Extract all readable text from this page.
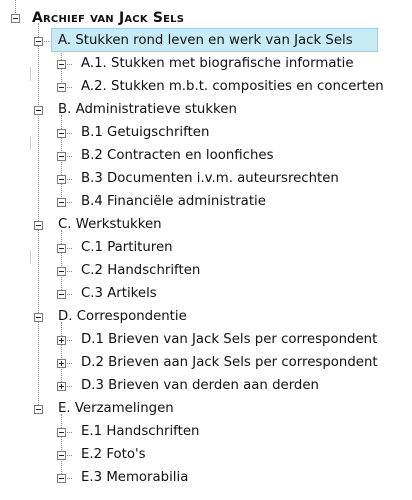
Archief van Jack Sels
A. Stukken rond leven en werk van Jack Sels
A.1. Stukken met biografische informatie
A.2. Stukken m.b.t. composities en concerten
B. Administratieve stukken
B.1 Getuigschriften
B.2 Contracten en loonfiches
B.3 Documenten i.v.m. auteursrechten
B.4 Financiële administratie
C. Werkstukken
C.1 Partituren
C.2 Handschriften
C.3 Artikels
D. Correspondentie
D.1 Brieven van Jack Sels per correspondent
D.2 Brieven aan Jack Sels per correspondent
D.3 Brieven van derden aan derden
E. Verzamelingen
E.1 Handschriften
E.2 Foto's
E.3 Memorabilia
